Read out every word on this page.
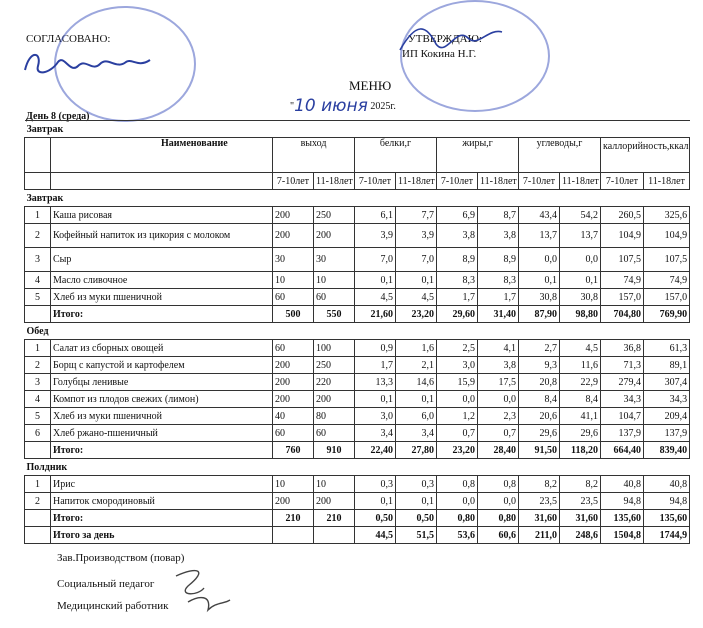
СОГЛАСОВАНО:	УТВЕРЖДАЮ:
ИП Кокина Н.Г.
МЕНЮ
"10 июня 2025г.
День 8 (среда)
Завтрак											
	Наименование	выход		белки,г		жиры,г		углеводы,г		каллорийность,ккал	
		7-10лет	11-18лет	7-10лет	11-18лет	7-10лет	11-18лет	7-10лет	11-18лет	7-10лет	11-18лет
Завтрак											
1	Каша рисовая	200	250	6,1	7,7	6,9	8,7	43,4	54,2	260,5	325,6
2	Кофейный напиток из цикория с молоком	200	200	3,9	3,9	3,8	3,8	13,7	13,7	104,9	104,9
3	Сыр	30	30	7,0	7,0	8,9	8,9	0,0	0,0	107,5	107,5
4	Масло сливочное	10	10	0,1	0,1	8,3	8,3	0,1	0,1	74,9	74,9
5	Хлеб из муки пшеничной	60	60	4,5	4,5	1,7	1,7	30,8	30,8	157,0	157,0
	Итого:	500	550	21,60	23,20	29,60	31,40	87,90	98,80	704,80	769,90
Обед											
1	Салат из сборных овощей	60	100	0,9	1,6	2,5	4,1	2,7	4,5	36,8	61,3
2	Борщ с капустой и картофелем	200	250	1,7	2,1	3,0	3,8	9,3	11,6	71,3	89,1
3	Голубцы ленивые	200	220	13,3	14,6	15,9	17,5	20,8	22,9	279,4	307,4
4	Компот из плодов свежих (лимон)	200	200	0,1	0,1	0,0	0,0	8,4	8,4	34,3	34,3
5	Хлеб из муки пшеничной	40	80	3,0	6,0	1,2	2,3	20,6	41,1	104,7	209,4
6	Хлеб ржано-пшеничный	60	60	3,4	3,4	0,7	0,7	29,6	29,6	137,9	137,9
	Итого:	760	910	22,40	27,80	23,20	28,40	91,50	118,20	664,40	839,40
Полдник											
1	Ирис	10	10	0,3	0,3	0,8	0,8	8,2	8,2	40,8	40,8
2	Напиток смородиновый	200	200	0,1	0,1	0,0	0,0	23,5	23,5	94,8	94,8
	Итого:	210	210	0,50	0,50	0,80	0,80	31,60	31,60	135,60	135,60
	Итого за день			44,5	51,5	53,6	60,6	211,0	248,6	1504,8	1744,9
Зав.Производством (повар)
Социальный педагог
Медицинский работник
